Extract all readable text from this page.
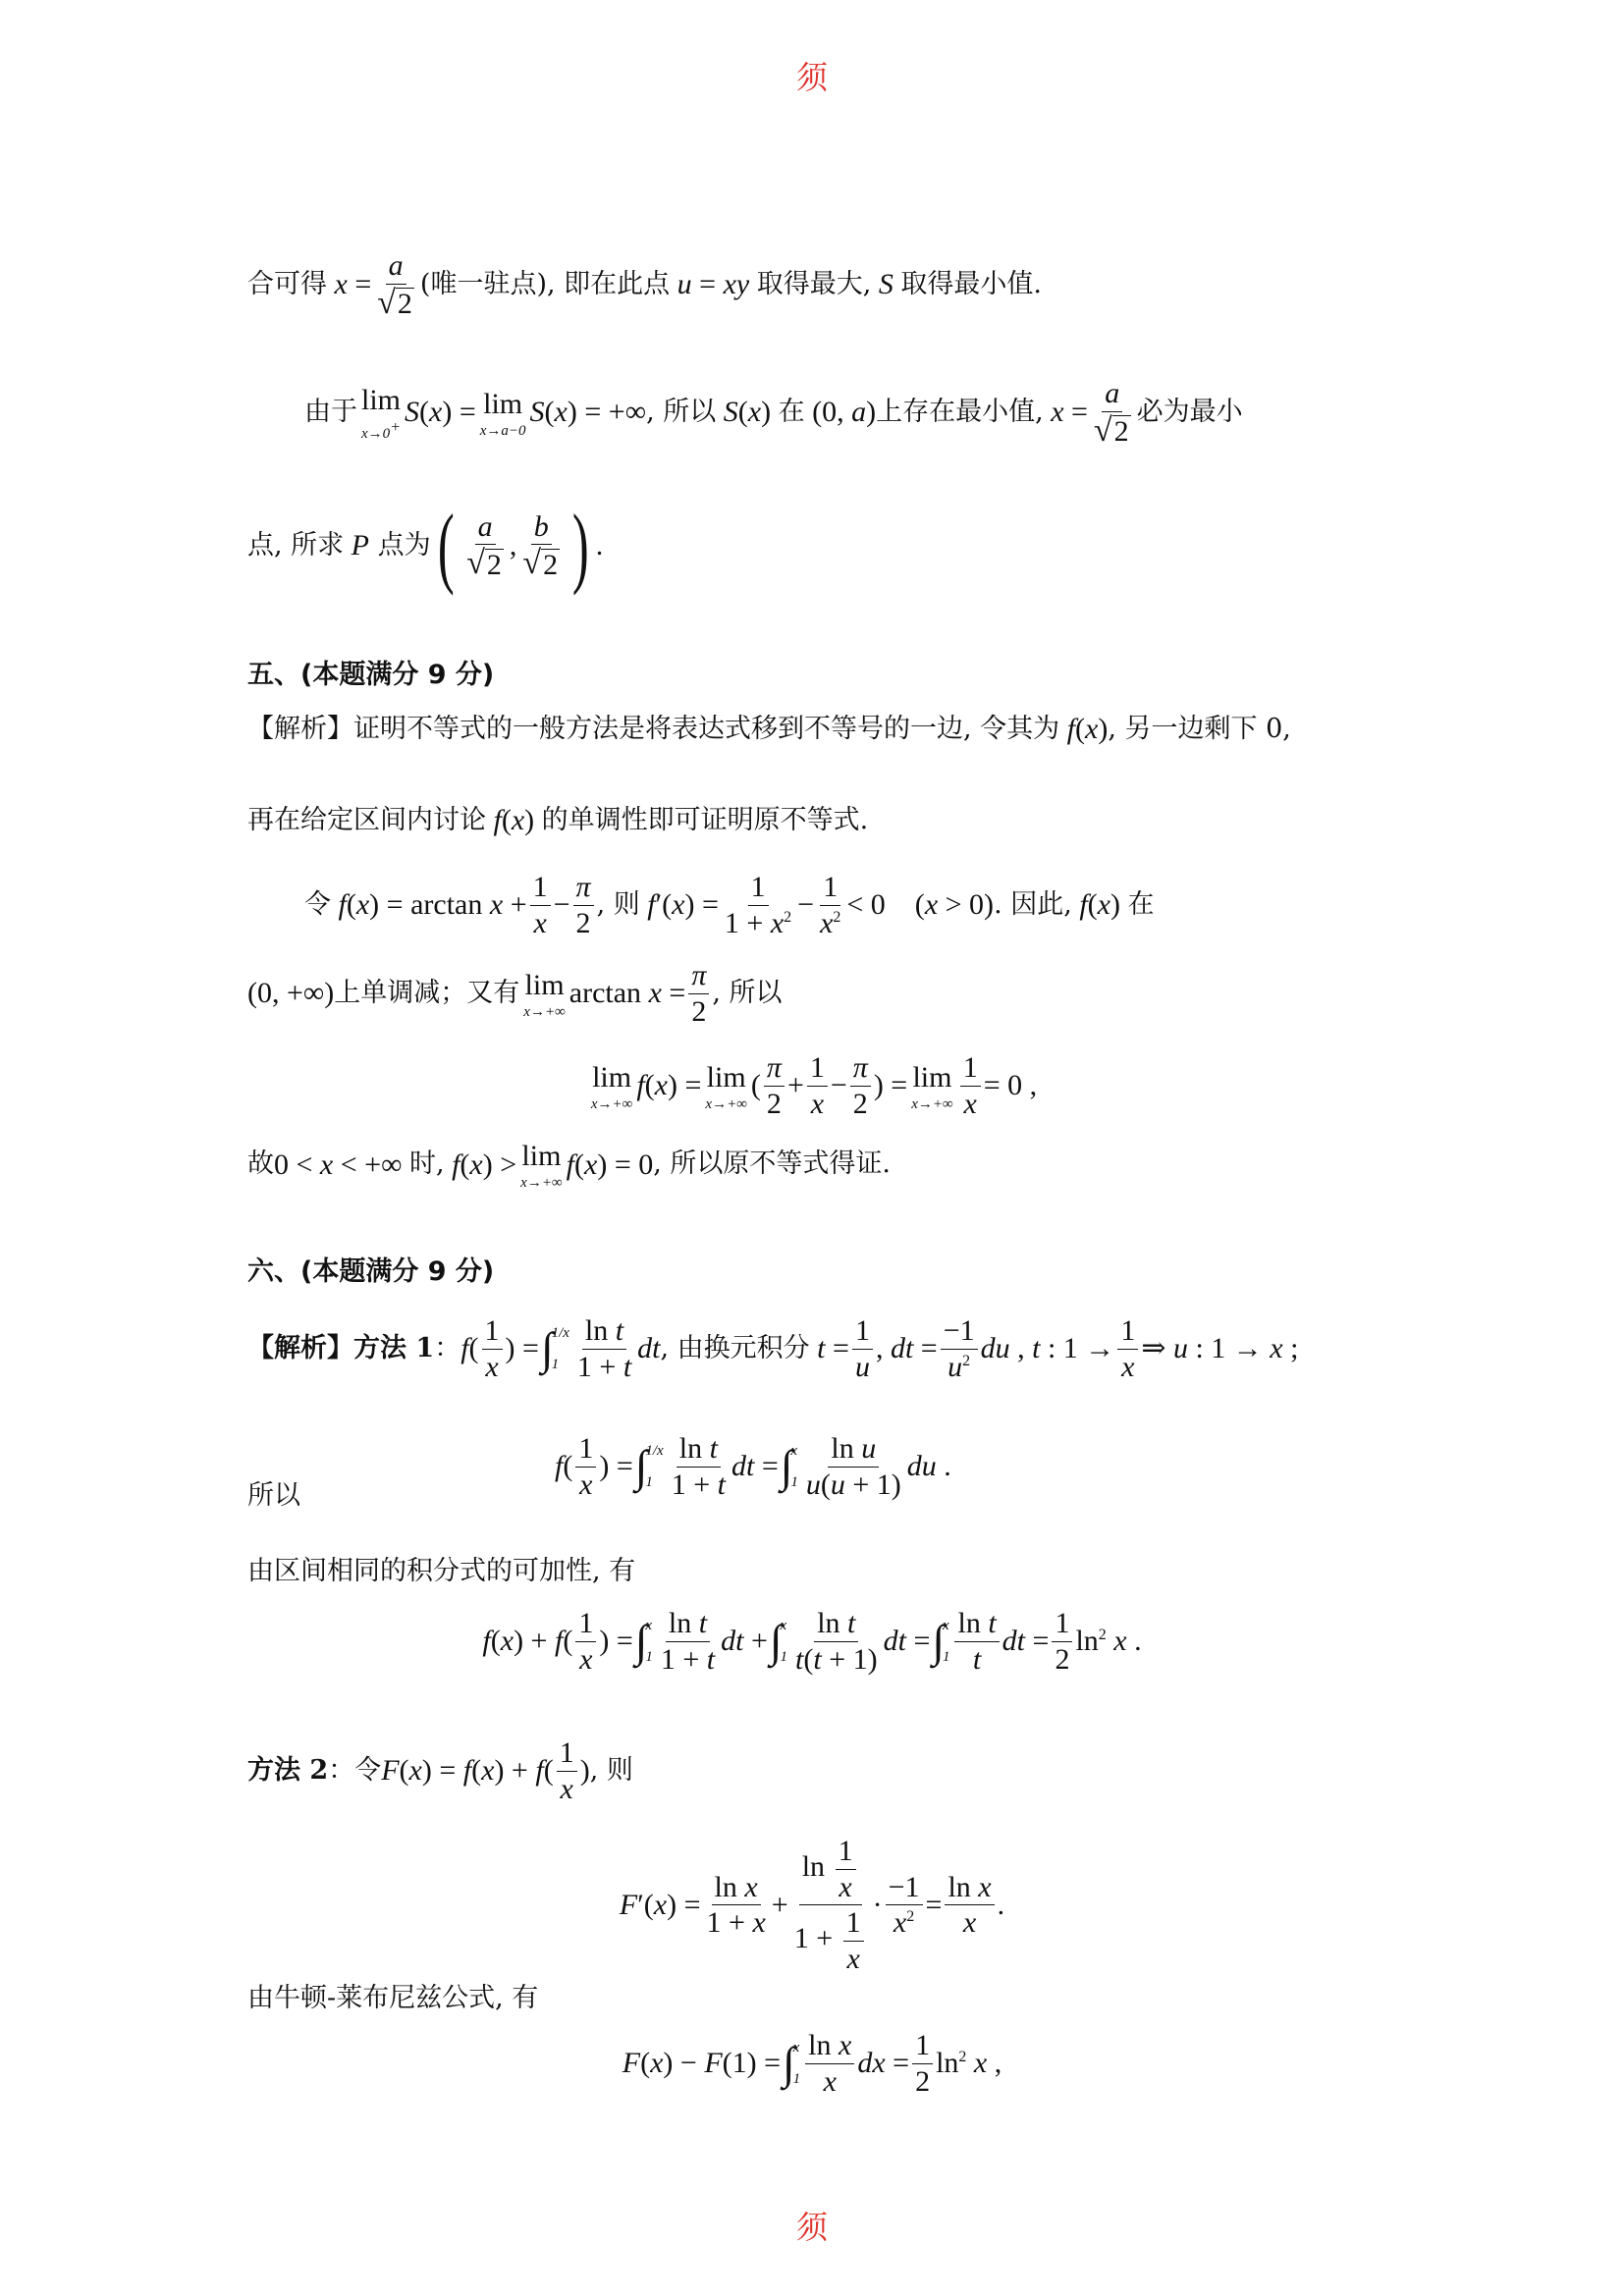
须
合可得 $x = \frac{a}{√ 2}$ (唯一驻点) , 即在此点 u = xy 取得最大, S 取得最小值.
由于 lim
x→0+ S(x) = lim
x→a−0
S(x) = +∞ , 所以 S(x) 在 (0, a) 上存在最小值, $x = \frac{a}{√ 2}$ 必为最小
点, 所求
P
点为 ( $\frac{a}{√ 2}$ , $\frac{b}{√ 2}$ ) .
五、(本题满分 9 分)
【解析】证明不等式的一般方法是将表达式移到不等号的一边, 令其为 f(x) , 另一边剩下 0,
再在给定区间内讨论 f(x) 的单调性即可证明原不等式.
令 $f(x) = \arctan x + \frac{1}{x} - \frac{\pi}{2}$ , 则 $f'(x) = \frac{1}{1 + x^2} - \frac{1}{x^2} < 0$    (x > 0) . 因此, f(x) 在
(0, +∞) 上单调减；又有 lim
x→+∞
$\arctan x = \frac{\pi}{2}$ , 所以
lim
x→+∞
f(x) = lim
x→+∞
( $\frac{\pi}{2} + \frac{1}{x} - \frac{\pi}{2}$ ) = lim
$x\to+\infty \frac{1}{x} = 0$ ,
故 0 < x < +∞ 时, f(x) > lim
x→+∞
f(x) = 0 , 所以原不等式得证.
六、(本题满分 9 分)
【解析】 方法 1 ： $f( \frac{1}{x}$ ) = ∫
1/x
$1 \frac{\text{ln t}}{1 + t}$ dt , 由换元积分 $t = \frac{1}{u}$ , dt = $\frac{-1}{u^2}$ du , t : $1 \to \frac{1}{x}$ ⇒ u : 1 → x ;
所以
$f( \frac{1}{x}$ ) = ∫
1/x
$1 \frac{\text{ln t}}{1 + t}$ dt = ∫
x
$1 \frac{\text{ln u}}{u(u + 1)}$ du .
由区间相同的积分式的可加性, 有
$f(x) + f( \frac{1}{x}$ ) = ∫
x
$1 \frac{\text{ln t}}{1 + t}$ dt + ∫
x
$1 \frac{\text{ln t}}{t(t + 1)}$ dt = ∫
x
$1 \frac{\text{ln t}}{t}$ dt = $\frac{1}{2} \ln^2 x$ .
方法 2 ：令 $F(x) = f(x) + f( \frac{1}{x}$ ) , 则
$F'(x) = \frac{\text{ln x}}{1 + x} + \frac{\ln \frac{1}{x}}{1 + \frac{1}{x}} \cdot \frac{-1}{x^2} = \frac{\text{ln x}}{x}$ .
由牛顿-莱布尼兹公式, 有
F(x) − F(1) = ∫
x
$1 \frac{\text{ln x}}{x}$ dx = $\frac{1}{2} \ln^2 x$ ,
须
